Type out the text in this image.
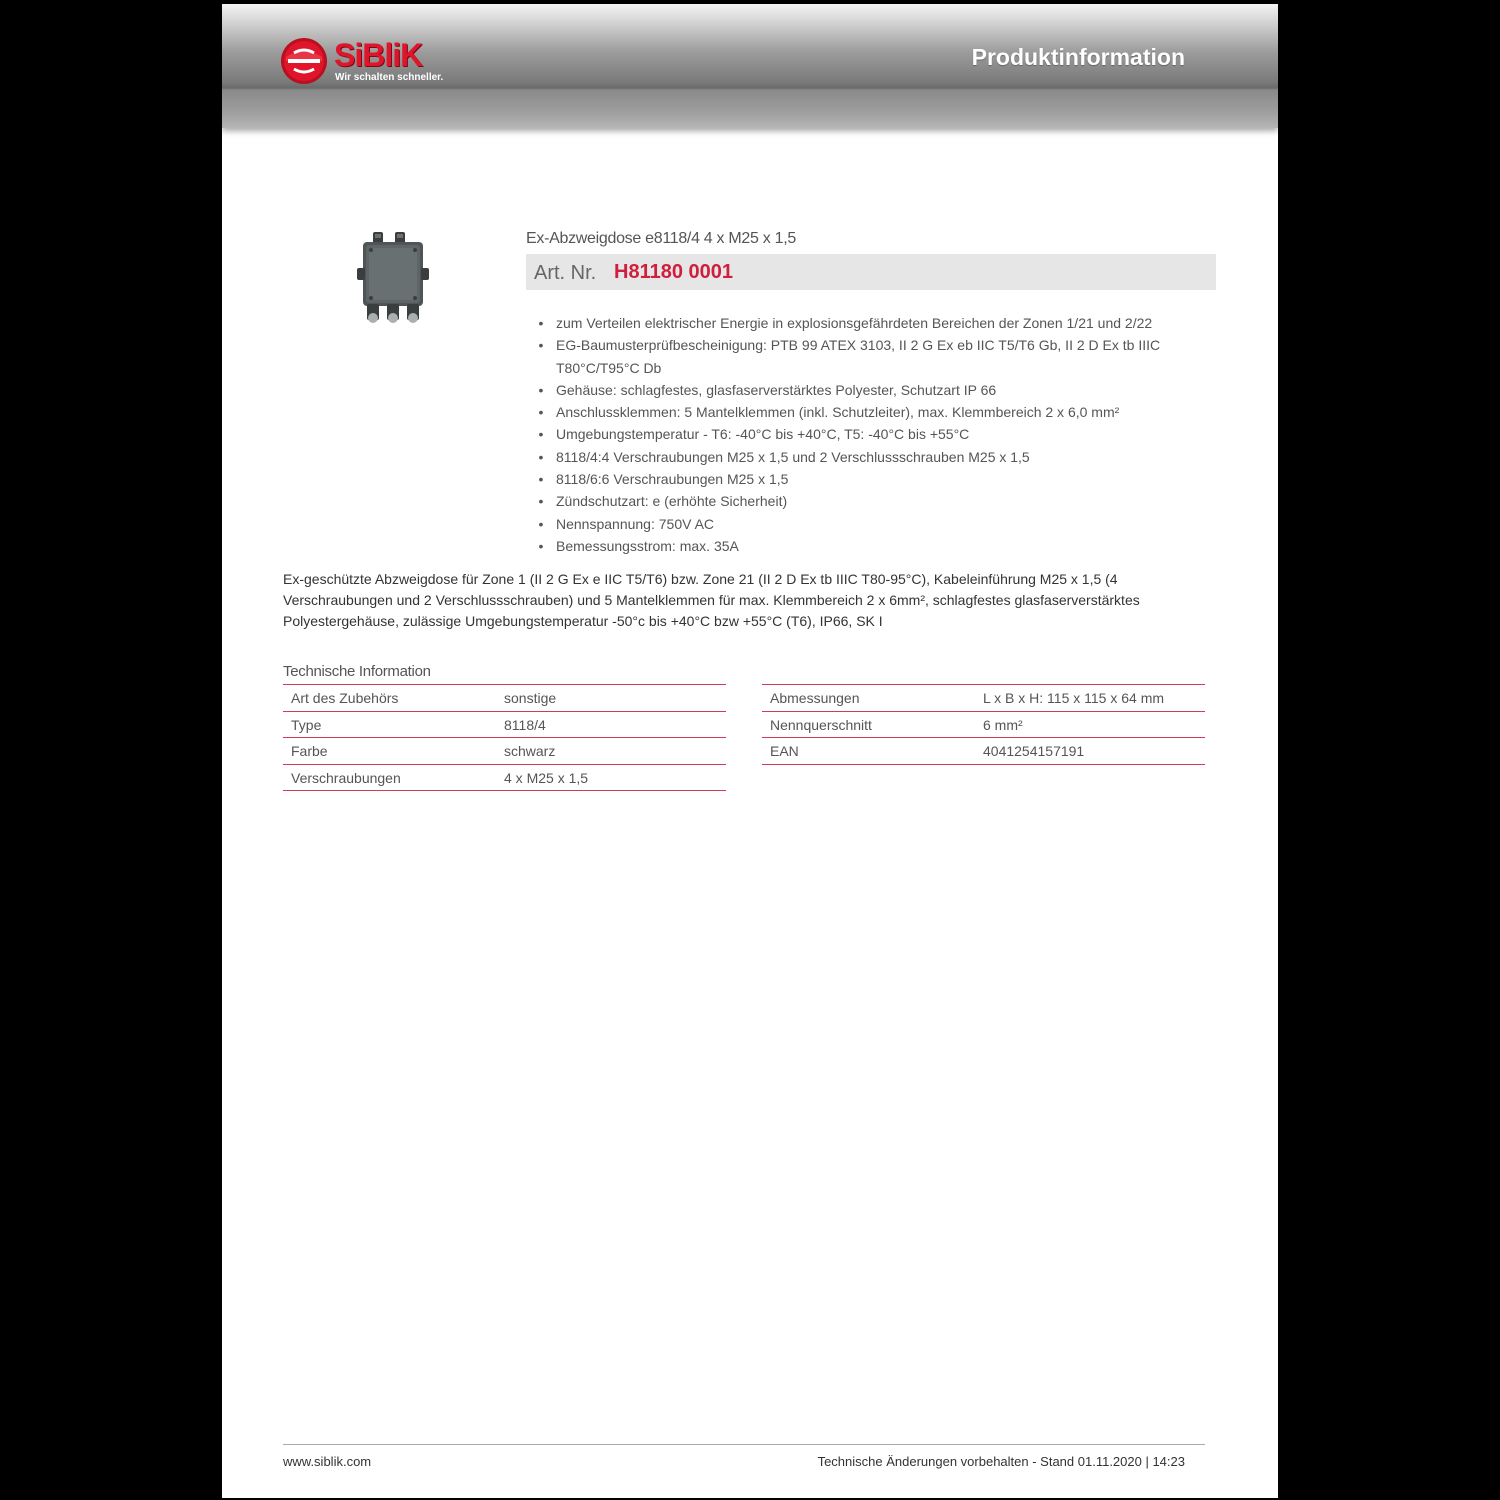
SiBliK
Wir schalten schneller.
Produktinformation
Ex-Abzweigdose e8118/4 4 x M25 x 1,5
Art. Nr. H81180 0001
• zum Verteilen elektrischer Energie in explosionsgefährdeten Bereichen der Zonen 1/21 und 2/22
• EG-Baumusterprüfbescheinigung: PTB 99 ATEX 3103, II 2 G Ex eb IIC T5/T6 Gb, II 2 D Ex tb IIIC T80°C/T95°C Db
• Gehäuse: schlagfestes, glasfaserverstärktes Polyester, Schutzart IP 66
• Anschlussklemmen: 5 Mantelklemmen (inkl. Schutzleiter), max. Klemmbereich 2 x 6,0 mm²
• Umgebungstemperatur - T6: -40°C bis +40°C, T5: -40°C bis +55°C
• 8118/4:4 Verschraubungen M25 x 1,5 und 2 Verschlussschrauben M25 x 1,5
• 8118/6:6 Verschraubungen M25 x 1,5
• Zündschutzart: e (erhöhte Sicherheit)
• Nennspannung: 750V AC
• Bemessungsstrom: max. 35A
Ex-geschützte Abzweigdose für Zone 1 (II 2 G Ex e IIC T5/T6) bzw. Zone 21 (II 2 D Ex tb IIIC T80-95°C), Kabeleinführung M25 x 1,5 (4 Verschraubungen und 2 Verschlussschrauben) und 5 Mantelklemmen für max. Klemmbereich 2 x 6mm², schlagfestes glasfaserverstärktes Polyestergehäuse, zulässige Umgebungstemperatur -50°c bis +40°C bzw +55°C (T6), IP66, SK I
Technische Information
Art des Zubehörs	sonstige
Type	8118/4
Farbe	schwarz
Verschraubungen	4 x M25 x 1,5
Abmessungen	L x B x H: 115 x 115 x 64 mm
Nennquerschnitt	6 mm²
EAN	4041254157191
www.siblik.com	Technische Änderungen vorbehalten - Stand 01.11.2020 | 14:23
